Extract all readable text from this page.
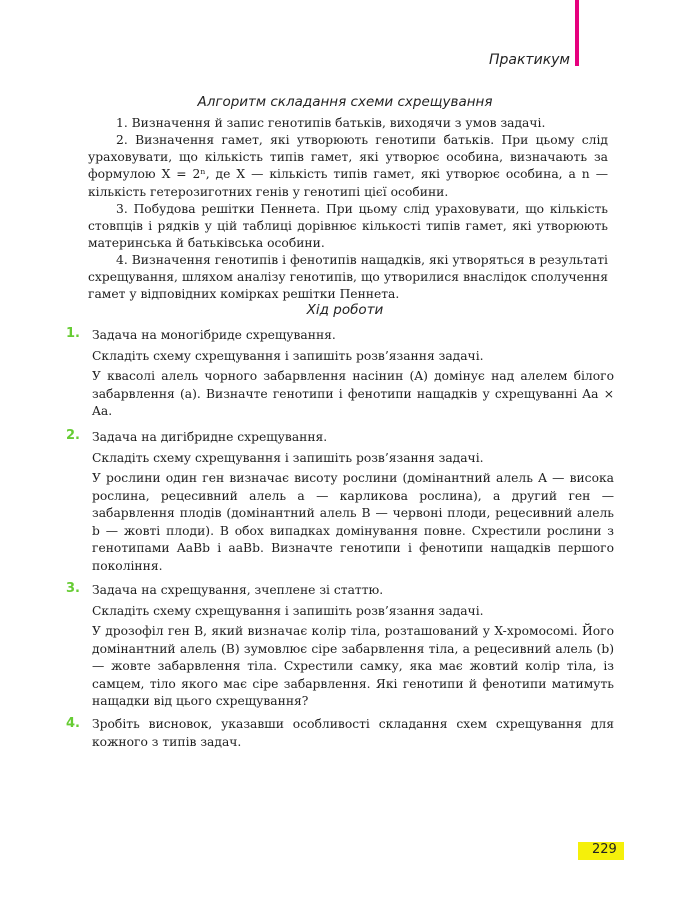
Практикум
Алгоритм складання схеми схрещування

1. Визначення й запис генотипів батьків, виходячи з умов задачі.

2. Визначення гамет, які утворюють генотипи батьків. При цьому слід ураховувати, що кількість типів гамет, які утворює особина, визначають за формулою X = 2ⁿ, де X — кількість типів гамет, які утворює особина, а n — кількість гетерозиготних генів у генотипі цієї особини.

3. Побудова решітки Пеннета. При цьому слід ураховувати, що кількість стовпців і рядків у цій таблиці дорівнює кількості типів гамет, які утворюють материнська й батьківська особини.

4. Визначення генотипів і фенотипів нащадків, які утворяться в результаті схрещування, шляхом аналізу генотипів, що утворилися внаслідок сполучення гамет у відповідних комірках решітки Пеннета.

Хід роботи
1. Задача на моногібриде схрещування.

Складіть схему схрещування і запишіть розв’язання задачі.

У квасолі алель чорного забарвлення насінин (A) домінує над алелем білого забарвлення (a). Визначте генотипи і фенотипи нащадків у схрещуванні Aa × Aa.

2. Задача на дигібридне схрещування.

Складіть схему схрещування і запишіть розв’язання задачі.

У рослини один ген визначає висоту рослини (домінантний алель A — висока рослина, рецесивний алель a — карликова рослина), а другий ген — забарвлення плодів (домінантний алель B — червоні плоди, рецесивний алель b — жовті плоди). В обох випадках домінування повне. Схрестили рослини з генотипами AaBb і aaBb. Визначте генотипи і фенотипи нащадків першого покоління.

3. Задача на схрещування, зчеплене зі статтю.

Складіть схему схрещування і запишіть розв’язання задачі.

У дрозофіл ген B, який визначає колір тіла, розташований у X-хромосомі. Його домінантний алель (B) зумовлює сіре забарвлення тіла, а рецесивний алель (b) — жовте забарвлення тіла. Схрестили самку, яка має жовтий колір тіла, із самцем, тіло якого має сіре забарвлення. Які генотипи й фенотипи матимуть нащадки від цього схрещування?

4. Зробіть висновок, указавши особливості складання схем схрещування для кожного з типів задач.

229
